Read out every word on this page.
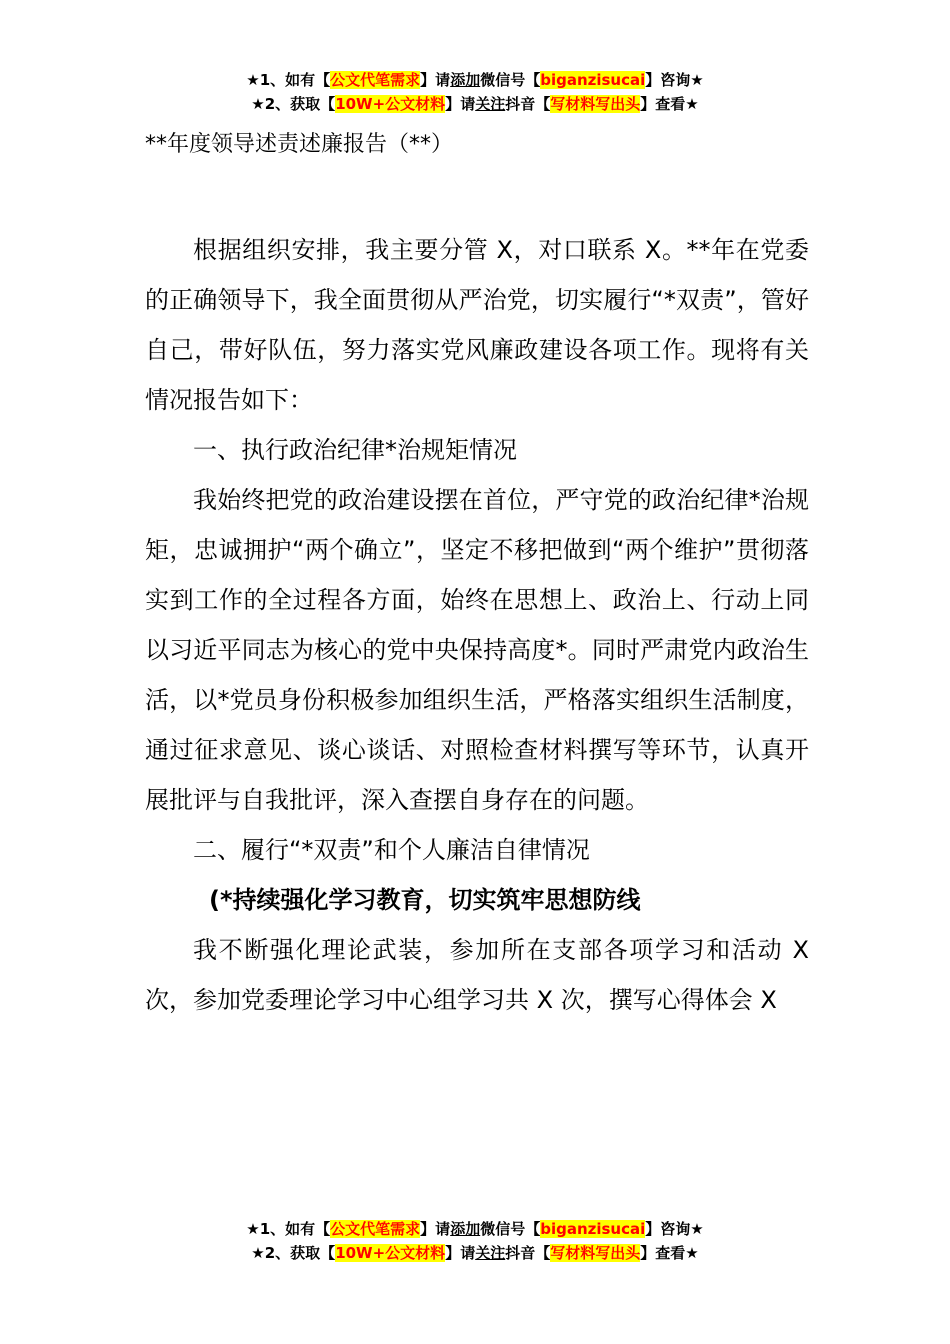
★1、如有【公文代笔需求】请添加微信号【biganzisucai】咨询★
★2、获取【10W+公文材料】请关注抖音【写材料写出头】查看★
**年度领导述责述廉报告（**）

根据组织安排，我主要分管 X，对口联系 X。**年在党委的正确领导下，我全面贯彻从严治党，切实履行“*双责”，管好自己，带好队伍，努力落实党风廉政建设各项工作。现将有关情况报告如下：

一、执行政治纪律*治规矩情况

我始终把党的政治建设摆在首位，严守党的政治纪律*治规矩，忠诚拥护“两个确立”，坚定不移把做到“两个维护”贯彻落实到工作的全过程各方面，始终在思想上、政治上、行动上同以习近平同志为核心的党中央保持高度*。同时严肃党内政治生活，以*党员身份积极参加组织生活，严格落实组织生活制度，通过征求意见、谈心谈话、对照检查材料撰写等环节，认真开展批评与自我批评，深入查摆自身存在的问题。

二、履行“*双责”和个人廉洁自律情况

(*持续强化学习教育，切实筑牢思想防线

我不断强化理论武装，参加所在支部各项学习和活动 X 次，参加党委理论学习中心组学习共 X 次，撰写心得体会 X

★1、如有【公文代笔需求】请添加微信号【biganzisucai】咨询★
★2、获取【10W+公文材料】请关注抖音【写材料写出头】查看★
